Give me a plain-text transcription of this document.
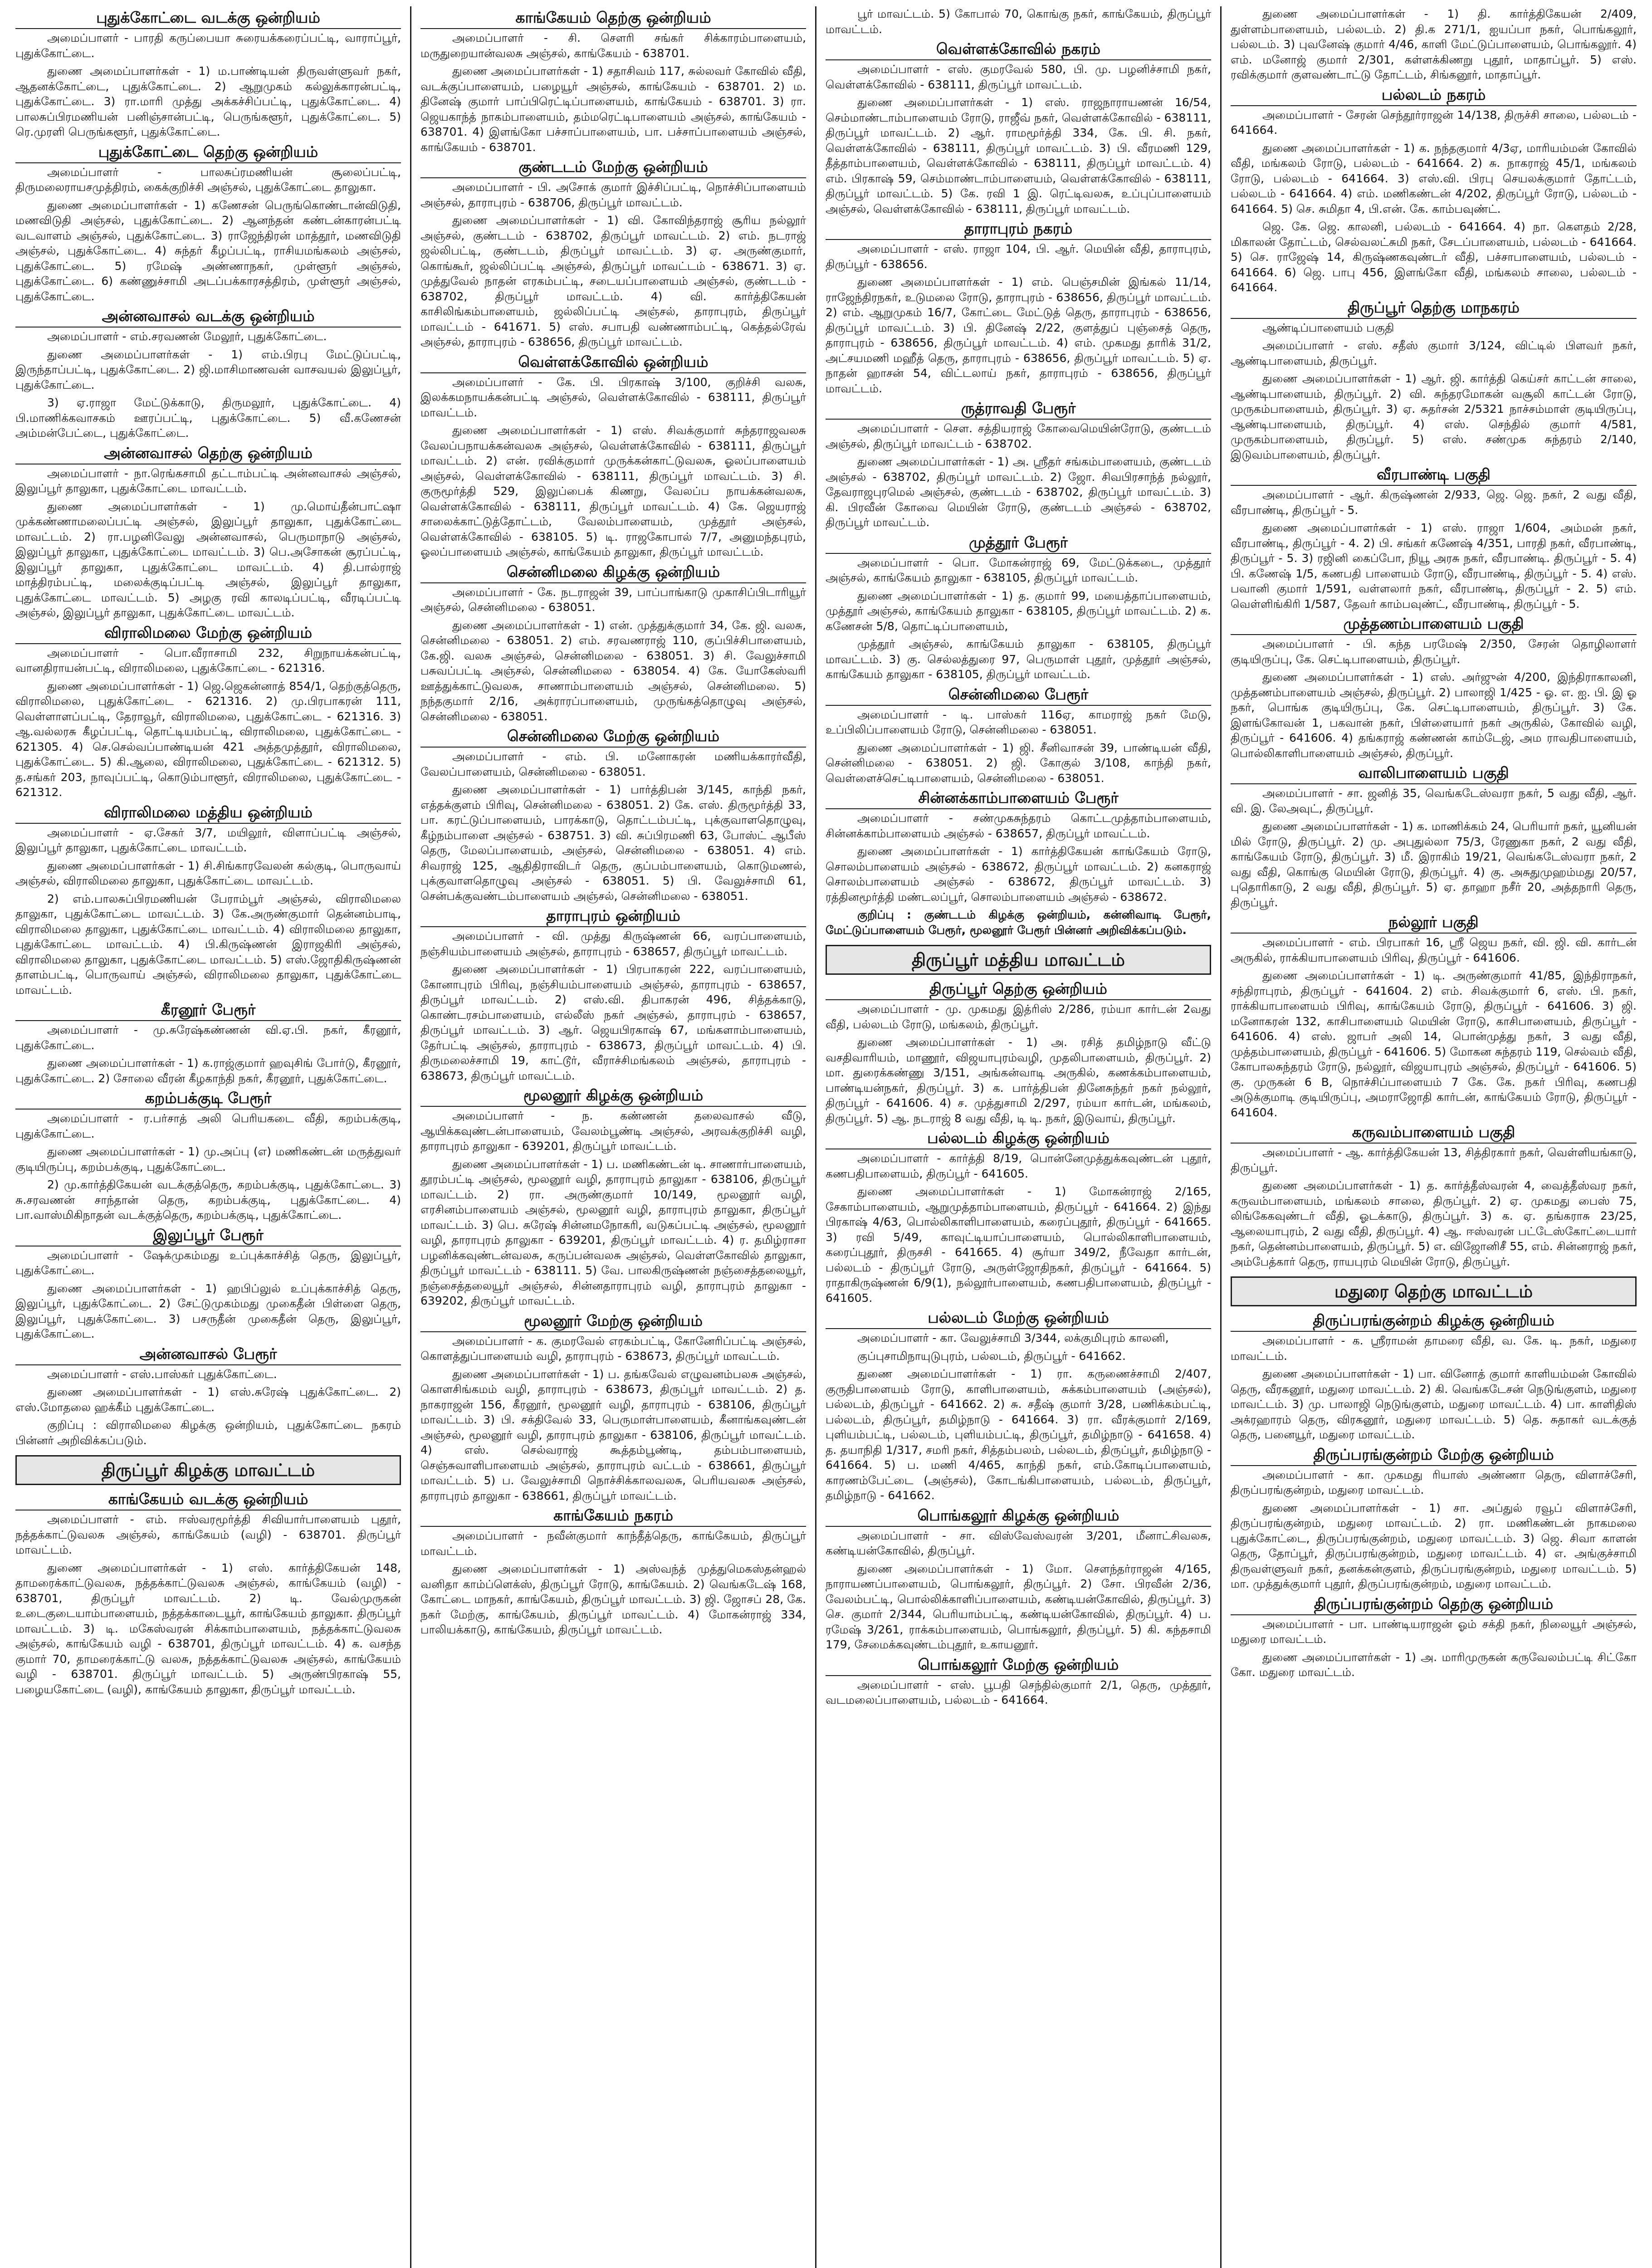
புதுக்கோட்டை வடக்கு ஒன்றியம்

அமைப்பாளர் - பாரதி கருப்பையா சுரையக்கரைப்பட்டி, வாராப்பூர், புதுக்கோட்டை.

துணை அமைப்பாளர்கள் - 1) ம.பாண்டியன் திருவள்ளுவர் நகர், ஆதனக்கோட்டை, புதுக்கோட்டை. 2) ஆறுமுகம் கல்லுக்காரன்பட்டி, புதுக்கோட்டை. 3) ரா.மாரி முத்து அக்கச்சிப்பட்டி, புதுக்கோட்டை. 4) பாலசுப்பிரமணியன் பனிஞ்சான்பட்டி, பெருங்களூர், புதுக்கோட்டை. 5) ரெ.முரளி பெருங்களூர், புதுக்கோட்டை.

புதுக்கோட்டை தெற்கு ஒன்றியம்

அமைப்பாளர் - பாலசுப்ரமணியன் சூலைப்பட்டி, திருமலைராயசமுத்திரம், கைக்குறிச்சி அஞ்சல், புதுக்கோட்டை தாலுகா.

துணை அமைப்பாளர்கள் - 1) கணேசன் பெருங்கொண்டான்விடுதி, மணவிடுதி அஞ்சல், புதுக்கோட்டை. 2) ஆனந்தன் கண்டன்காரன்பட்டி வடவாளம் அஞ்சல், புதுக்கோட்டை. 3) ராஜேந்திரன் மாத்தூர், மணவிடுதி அஞ்சல், புதுக்கோட்டை. 4) சுந்தர் கீழப்பட்டி, ராசியமங்கலம் அஞ்சல், புதுக்கோட்டை. 5) ரமேஷ் அண்ணாநகர், முள்ளூர் அஞ்சல், புதுக்கோட்டை. 6) கண்ணுச்சாமி அடப்பக்காரசத்திரம், முள்ளூர் அஞ்சல், புதுக்கோட்டை.

அன்னவாசல் வடக்கு ஒன்றியம்

அமைப்பாளர் - எம்.சரவணன் மேலூர், புதுக்கோட்டை.

துணை அமைப்பாளர்கள் - 1) எம்.பிரபு மேட்டுப்பட்டி, இருந்தாப்பட்டி, புதுக்கோட்டை. 2) ஜி.மாசிமாணவன் வாசவயல் இலுப்பூர், புதுக்கோட்டை.

3) ஏ.ராஜா மேட்டுக்காடு, திருமலூர், புதுக்கோட்டை. 4) பி.மாணிக்கவாசகம் ஊரப்பட்டி, புதுக்கோட்டை. 5) வீ.கணேசன் அம்மன்பேட்டை, புதுக்கோட்டை.

அன்னவாசல் தெற்கு ஒன்றியம்

அமைப்பாளர் - நா.ரெங்கசாமி தட்டாம்பட்டி அன்னவாசல் அஞ்சல், இலுப்பூர் தாலுகா, புதுக்கோட்டை மாவட்டம்.

துணை அமைப்பாளர்கள் - 1) மு.மொய்தீன்பாட்ஷா முக்கண்ணாமலைப்பட்டி அஞ்சல், இலுப்பூர் தாலுகா, புதுக்கோட்டை மாவட்டம். 2) ரா.பழனிவேலு அன்னவாசல், பெருமாநாடு அஞ்சல், இலுப்பூர் தாலுகா, புதுக்கோட்டை மாவட்டம். 3) பெ.அசோகன் சூரப்பட்டி, இலுப்பூர் தாலுகா, புதுக்கோட்டை மாவட்டம். 4) தி.பால்ராஜ் மாத்திரம்பட்டி, மலைக்குடிப்பட்டி அஞ்சல், இலுப்பூர் தாலுகா, புதுக்கோட்டை மாவட்டம். 5) அழகு ரவி காலடிப்பட்டி, வீரடிப்பட்டி அஞ்சல், இலுப்பூர் தாலுகா, புதுக்கோட்டை மாவட்டம்.

விராலிமலை மேற்கு ஒன்றியம்

அமைப்பாளர் - பொ.வீராசாமி 232, சிறுநாயக்கன்பட்டி, வானதிராயன்பட்டி, விராலிமலை, புதுக்கோட்டை - 621316.

துணை அமைப்பாளர்கள் - 1) ஜெ.ஜெகன்னாத் 854/1, தெற்குத்தெரு, விராலிமலை, புதுக்கோட்டை - 621316. 2) மு.பிரபாகரன் 111, வெள்ளாளப்பட்டி, தேராவூர், விராலிமலை, புதுக்கோட்டை - 621316. 3) ஆ.வல்லரசு கீழப்பட்டி, தொட்டியம்பட்டி, விராலிமலை, புதுக்கோட்டை - 621305. 4) செ.செல்வப்பாண்டியன் 421 அத்தமுத்தூர், விராலிமலை, புதுக்கோட்டை. 5) கி.ஆலை, விராலிமலை, புதுக்கோட்டை - 621312. 5) த.சங்கர் 203, நாவுப்பட்டி, கொடும்பாளூர், விராலிமலை, புதுக்கோட்டை - 621312.

விராலிமலை மத்திய ஒன்றியம்

அமைப்பாளர் - ஏ.சேகர் 3/7, மயிலூர், விளாப்பட்டி அஞ்சல், இலுப்பூர் தாலுகா, புதுக்கோட்டை மாவட்டம்.

துணை அமைப்பாளர்கள் - 1) சி.சிங்காரவேலன் கல்குடி, பொருவாய் அஞ்சல், விராலிமலை தாலுகா, புதுக்கோட்டை மாவட்டம்.

2) எம்.பாலசுப்பிரமணியன் பேராம்பூர் அஞ்சல், விராலிமலை தாலுகா, புதுக்கோட்டை மாவட்டம். 3) கே.அருண்குமார் தென்னம்பாடி, விராலிமலை தாலுகா, புதுக்கோட்டை மாவட்டம். 4) விராலிமலை தாலுகா, புதுக்கோட்டை மாவட்டம். 4) பி.கிருஷ்ணன் இராஜகிரி அஞ்சல், விராலிமலை தாலுகா, புதுக்கோட்டை மாவட்டம். 5) எஸ்.ஜோதிகிருஷ்ணன் தாளம்பட்டி, பொருவாய் அஞ்சல், விராலிமலை தாலுகா, புதுக்கோட்டை மாவட்டம்.

கீரனூர் பேரூர்

அமைப்பாளர் - மு.சுரேஷ்கண்ணன் வி.ஏ.பி. நகர், கீரனூர், புதுக்கோட்டை.

துணை அமைப்பாளர்கள் - 1) க.ராஜ்குமார் ஹவுசிங் போர்டு, கீரனூர், புதுக்கோட்டை. 2) சோலை வீரன் கீழகாந்தி நகர், கீரனூர், புதுக்கோட்டை.

கறம்பக்குடி பேரூர்

அமைப்பாளர் - ர.பர்சாத் அலி பெரியகடை வீதி, கறம்பக்குடி, புதுக்கோட்டை.

துணை அமைப்பாளர்கள் - 1) மு.அப்பு (எ) மணிகண்டன் மருத்துவர் குடியிருப்பு, கறம்பக்குடி, புதுக்கோட்டை.

2) மு.கார்த்திகேயன் வடக்குத்தெரு, கறம்பக்குடி, புதுக்கோட்டை. 3) சு.சரவணன் சாந்தான் தெரு, கறம்பக்குடி, புதுக்கோட்டை. 4) பா.வாஸ்மிகிநாதன் வடக்குத்தெரு, கறம்பக்குடி, புதுக்கோட்டை.

இலுப்பூர் பேரூர்

அமைப்பாளர் - ஷேக்முகம்மது உப்புக்காச்சித் தெரு, இலுப்பூர், புதுக்கோட்டை.

துணை அமைப்பாளர்கள் - 1) ஹபிப்லுல் உப்புக்காச்சித் தெரு, இலுப்பூர், புதுக்கோட்டை. 2) சேட்டுமுகம்மது முகைதீன் பிள்ளை தெரு, இலுப்பூர், புதுக்கோட்டை. 3) பசருதீன் முகைதீன் தெரு, இலுப்பூர், புதுக்கோட்டை.

அன்னவாசல் பேரூர்

அமைப்பாளர் - எஸ்.பாஸ்கர் புதுக்கோட்டை.

துணை அமைப்பாளர்கள் - 1) எஸ்.சுரேஷ் புதுக்கோட்டை. 2) எஸ்.மோதலை ஹக்கீம் புதுக்கோட்டை.

குறிப்பு : விராலிமலை கிழக்கு ஒன்றியம், புதுக்கோட்டை நகரம் பின்னர் அறிவிக்கப்படும்.

திருப்பூர் கிழக்கு மாவட்டம்
காங்கேயம் வடக்கு ஒன்றியம்

அமைப்பாளர் - எம். ஈஸ்வரமூர்த்தி சிவியார்பாளையம் புதூர், நத்தக்காட்டுவலசு அஞ்சல், காங்கேயம் (வழி) - 638701. திருப்பூர் மாவட்டம்.

துணை அமைப்பாளர்கள் - 1) எஸ். கார்த்திகேயன் 148, தாமரைக்காட்டுவலசு, நத்தக்காட்டுவலசு அஞ்சல், காங்கேயம் (வழி) - 638701, திருப்பூர் மாவட்டம். 2) டி. வேல்முருகன் உடைகுடையாம்பாளையம், நத்தக்காடையூர், காங்கேயம் தாலுகா. திருப்பூர் மாவட்டம். 3) டி. மகேஸ்வரன் சிக்காம்பாளையம், நத்தக்காட்டுவலசு அஞ்சல், காங்கேயம் வழி - 638701, திருப்பூர் மாவட்டம். 4) க. வசந்த குமார் 70, தாமரைக்காட்டு வலசு, நத்தக்காட்டுவலசு அஞ்சல், காங்கேயம் வழி - 638701. திருப்பூர் மாவட்டம். 5) அருண்பிரகாஷ் 55, பழையகோட்டை (வழி), காங்கேயம் தாலுகா, திருப்பூர் மாவட்டம்.

காங்கேயம் தெற்கு ஒன்றியம்

அமைப்பாளர் - சி. சௌரி சங்கர் சிக்காரம்பாளையம், மருதுறையான்வலசு அஞ்சல், காங்கேயம் - 638701.

துணை அமைப்பாளர்கள் - 1) சதாசிவம் 117, சுல்லவர் கோவில் வீதி, வடக்குப்பாளையம், பழையூர் அஞ்சல், காங்கேயம் - 638701. 2) ம. தினேஷ் குமார் பாப்பிரெட்டிப்பாளையம், காங்கேயம் - 638701. 3) ரா. ஜெயகாந்த் நாகம்பாளையம், தம்மரெட்டிபாளையம் அஞ்சல், காங்கேயம் - 638701. 4) இளங்கோ பச்சாப்பாளையம், பா. பச்சாப்பாளையம் அஞ்சல், காங்கேயம் - 638701.

குண்டடம் மேற்கு ஒன்றியம்

அமைப்பாளர் - பி. அசோக் குமார் இச்சிப்பட்டி, நொச்சிப்பாளையம் அஞ்சல், தாராபுரம் - 638706, திருப்பூர் மாவட்டம்.

துணை அமைப்பாளர்கள் - 1) வி. கோவிந்தராஜ் சூரிய நல்லூர் அஞ்சல், குண்டடம் - 638702, திருப்பூர் மாவட்டம். 2) எம். நடராஜ் ஜல்லிபட்டி, குண்டடம், திருப்பூர் மாவட்டம். 3) ஏ. அருண்குமார், கொங்கூர், ஜல்லிப்பட்டி அஞ்சல், திருப்பூர் மாவட்டம் - 638671. 3) ஏ. முத்துவேல் நாதன் எரகம்பட்டி, சடையப்பாளையம் அஞ்சல், குண்டடம் - 638702, திருப்பூர் மாவட்டம். 4) வி. கார்த்திகேயன் காசிலிங்கம்பாளையம், ஜல்லிப்பட்டி அஞ்சல், தாராபுரம், திருப்பூர் மாவட்டம் - 641671. 5) எஸ். சபாபதி வண்ணாம்பட்டி, கெத்தல்ரேவ் அஞ்சல், தாராபுரம் - 638656, திருப்பூர் மாவட்டம்.

வெள்ளக்கோவில் ஒன்றியம்

அமைப்பாளர் - கே. பி. பிரகாஷ் 3/100, குறிச்சி வலசு, இலக்கமநாயக்கன்பட்டி அஞ்சல், வெள்ளக்கோவில் - 638111, திருப்பூர் மாவட்டம்.

துணை அமைப்பாளர்கள் - 1) எஸ். சிவக்குமார் சுந்தராஜவலசு வேலப்பநாயக்கன்வலசு அஞ்சல், வெள்ளக்கோவில் - 638111, திருப்பூர் மாவட்டம். 2) என். ரவிக்குமார் முருக்கன்காட்டுவலசு, ஓலப்பாளையம் அஞ்சல், வெள்ளக்கோவில் - 638111, திருப்பூர் மாவட்டம். 3) சி. குருமூர்த்தி 529, இலுப்பைக் கிணறு, வேலப்ப நாயக்கன்வலசு, வெள்ளக்கோவில் - 638111, திருப்பூர் மாவட்டம். 4) கே. ஜெயராஜ் சாலைக்காட்டுத்தோட்டம், வேலம்பாளையம், முத்தூர் அஞ்சல், வெள்ளக்கோவில் - 638105. 5) டி. ராஜகோபால் 7/7, அனுமந்தபுரம், ஓலப்பாளையம் அஞ்சல், காங்கேயம் தாலுகா, திருப்பூர் மாவட்டம்.

சென்னிமலை கிழக்கு ஒன்றியம்

அமைப்பாளர் - கே. நடராஜன் 39, பாப்பாங்காடு முகாசிப்பிடாரியூர் அஞ்சல், சென்னிமலை - 638051.

துணை அமைப்பாளர்கள் - 1) என். முத்துக்குமார் 34, கே. ஜி. வலசு, சென்னிமலை - 638051. 2) எம். சரவணராஜ் 110, குப்பிச்சிபாளையம், கே.ஜி. வலசு அஞ்சல், சென்னிமலை - 638051. 3) சி. வேலுச்சாமி பசுவப்பட்டி அஞ்சல், சென்னிமலை - 638054. 4) கே. யோகேஸ்வரி ஊத்துக்காட்டுவலசு, சாணாம்பாளையம் அஞ்சல், சென்னிமலை. 5) நந்தகுமார் 2/16, அக்ராரப்பாளையம், முருங்கத்தொழுவு அஞ்சல், சென்னிமலை - 638051.

சென்னிமலை மேற்கு ஒன்றியம்

அமைப்பாளர் - எம். பி. மனோகரன் மணியக்காரர்வீதி, வேலப்பாளையம், சென்னிமலை - 638051.

துணை அமைப்பாளர்கள் - 1) பார்த்திபன் 3/145, காந்தி நகர், எத்தக்குளம் பிரிவு, சென்னிமலை - 638051. 2) கே. எஸ். திருமூர்த்தி 33, பா. கரட்டுப்பாளையம், பாரக்காடு, தொட்டம்பட்டி, புக்குவாளதொழுவு, கீழ்நம்பாளை அஞ்சல் - 638751. 3) வி. சுப்பிரமணி 63, போஸ்ட் ஆபீஸ் தெரு, மேலப்பாளையம், அஞ்சல், சென்னிமலை - 638051. 4) எம். சிவராஜ் 125, ஆதிதிராவிடர் தெரு, குப்பம்பாளையம், கொடுமணல், புக்குவாளதொழுவு அஞ்சல் - 638051. 5) பி. வேலுச்சாமி 61, சென்பக்குவண்டம்பாளையம் அஞ்சல், சென்னிமலை - 638051.

தாராபுரம் ஒன்றியம்

அமைப்பாளர் - வி. முத்து கிருஷ்ணன் 66, வரப்பாளையம், நஞ்சியம்பாளையம் அஞ்சல், தாராபுரம் - 638657, திருப்பூர் மாவட்டம்.

துணை அமைப்பாளர்கள் - 1) பிரபாகரன் 222, வரப்பாளையம், கோனாபுரம் பிரிவு, நஞ்சியம்பாளையம் அஞ்சல், தாராபுரம் - 638657, திருப்பூர் மாவட்டம். 2) எஸ்.வி. திபாகரன் 496, சித்தக்காடு, கொண்டரசம்பாளையம், எல்லீஸ் நகர் அஞ்சல், தாராபுரம் - 638657, திருப்பூர் மாவட்டம். 3) ஆர். ஜெயபிரகாஷ் 67, மங்களாம்பாளையம், தேர்பட்டி அஞ்சல், தாராபுரம் - 638673, திருப்பூர் மாவட்டம். 4) பி. திருமலைச்சாமி 19, காட்டூர், வீராச்சிமங்கலம் அஞ்சல், தாராபுரம் - 638673, திருப்பூர் மாவட்டம்.

மூலனூர் கிழக்கு ஒன்றியம்

அமைப்பாளர் - ந. கண்ணன் தலைவாசல் வீடு, ஆயிக்கவுண்டன்பாளையம், வேலம்பூண்டி அஞ்சல், அரவக்குறிச்சி வழி, தாராபுரம் தாலுகா - 639201, திருப்பூர் மாவட்டம்.

துணை அமைப்பாளர்கள் - 1) ப. மணிகண்டன் டி. சாணார்பாளையம், தூரம்பட்டி அஞ்சல், மூலனூர் வழி, தாராபுரம் தாலுகா - 638106, திருப்பூர் மாவட்டம். 2) ரா. அருண்குமார் 10/149, மூலனூர் வழி, எரசினம்பாளையம் அஞ்சல், மூலனூர் வழி, தாராபுரம் தாலுகா, திருப்பூர் மாவட்டம். 3) பெ. சுரேஷ் சின்னமநோகரி, வடுகப்பட்டி அஞ்சல், மூலனூர் வழி, தாராபுரம் தாலுகா - 639201, திருப்பூர் மாவட்டம். 4) ர. தமிழ்ராசா பழனிக்கவுண்டன்வலசு, கருப்பன்வலசு அஞ்சல், வெள்ளகோவில் தாலுகா, திருப்பூர் மாவட்டம் - 638111. 5) வே. பாலகிருஷ்ணன் நஞ்சைத்தலையூர், நஞ்சைத்தலையூர் அஞ்சல், சின்னதாராபுரம் வழி, தாராபுரம் தாலுகா - 639202, திருப்பூர் மாவட்டம்.

மூலனூர் மேற்கு ஒன்றியம்

அமைப்பாளர் - க. குமரவேல் எரகம்பட்டி, கோனேரிப்பட்டி அஞ்சல், கொளத்துப்பாளையம் வழி, தாராபுரம் - 638673, திருப்பூர் மாவட்டம்.

துணை அமைப்பாளர்கள் - 1) ப. தங்கவேல் எழுவனம்பலசு அஞ்சல், கொளசிங்கமம் வழி, தாராபுரம் - 638673, திருப்பூர் மாவட்டம். 2) த. நாகராஜன் 156, கீரனூர், மூலனூர் வழி, தாராபுரம் - 638106, திருப்பூர் மாவட்டம். 3) பி. சக்திவேல் 33, பெருமாள்பாளையம், கீனாங்கவுண்டன் அஞ்சல், மூலனூர் வழி, தாராபுரம் தாலுகா - 638106, திருப்பூர் மாவட்டம். 4) எஸ். செல்வராஜ் கூத்தம்பூண்டி, தம்பம்பாளையம், செஞ்சுவாளிபாளையம் அஞ்சல், தாராபுரம் வட்டம் - 638661, திருப்பூர் மாவட்டம். 5) ப. வேலுச்சாமி நொச்சிக்காலவலசு, பெரியவலசு அஞ்சல், தாராபுரம் தாலுகா - 638661, திருப்பூர் மாவட்டம்.

காங்கேயம் நகரம்

அமைப்பாளர் - நவீன்குமார் காந்தீத்தெரு, காங்கேயம், திருப்பூர் மாவட்டம்.

துணை அமைப்பாளர்கள் - 1) அஸ்வந்த் முத்துமெகஸ்தன்ஹல் வனிதா காம்ப்ளெக்ஸ், திருப்பூர் ரோடு, காங்கேயம். 2) வெங்கடேஷ் 168, கோட்டை மாநகர், காங்கேயம், திருப்பூர் மாவட்டம். 3) ஜி. ஜோசப் 28, கே. நகர் மேற்கு, காங்கேயம், திருப்பூர் மாவட்டம். 4) மோகன்ராஜ் 334, பாலியக்காடு, காங்கேயம், திருப்பூர் மாவட்டம்.

பூர் மாவட்டம். 5) கோபால் 70, கொங்கு நகர், காங்கேயம், திருப்பூர் மாவட்டம்.

வெள்ளக்கோவில் நகரம்

அமைப்பாளர் - எஸ். குமரவேல் 580, பி. மு. பழனிச்சாமி நகர், வெள்ளக்கோவில் - 638111, திருப்பூர் மாவட்டம்.

துணை அமைப்பாளர்கள் - 1) எஸ். ராஜநாராயணன் 16/54, செம்மாண்டாம்பாளையம் ரோடு, ராஜீவ் நகர், வெள்ளக்கோவில் - 638111, திருப்பூர் மாவட்டம். 2) ஆர். ராமமூர்த்தி 334, கே. பி. சி. நகர், வெள்ளக்கோவில் - 638111, திருப்பூர் மாவட்டம். 3) பி. வீரமணி 129, தீத்தாம்பாளையம், வெள்ளக்கோவில் - 638111, திருப்பூர் மாவட்டம். 4) எம். பிரகாஷ் 59, செம்மாண்டாம்பாளையம், வெள்ளக்கோவில் - 638111, திருப்பூர் மாவட்டம். 5) கே. ரவி 1 இ. ரெட்டிவலசு, உப்புப்பாளையம் அஞ்சல், வெள்ளக்கோவில் - 638111, திருப்பூர் மாவட்டம்.

தாராபுரம் நகரம்

அமைப்பாளர் - எஸ். ராஜா 104, பி. ஆர். மெயின் வீதி, தாராபுரம், திருப்பூர் - 638656.

துணை அமைப்பாளர்கள் - 1) எம். பெஞ்சமின் இங்கல் 11/14, ராஜேந்திரநகர், உடுமலை ரோடு, தாராபுரம் - 638656, திருப்பூர் மாவட்டம். 2) எம். ஆறுமுகம் 16/7, கோட்டை மேட்டுத் தெரு, தாராபுரம் - 638656, திருப்பூர் மாவட்டம். 3) பி. தினேஷ் 2/22, குளத்துப் புஞ்சைத் தெரு, தாராபுரம் - 638656, திருப்பூர் மாவட்டம். 4) எம். முகமது தாரிக் 31/2, அட்சயமணி மஹீத் தெரு, தாராபுரம் - 638656, திருப்பூர் மாவட்டம். 5) ஏ. நாதன் ஹாசன் 54, விட்டலாய் நகர், தாராபுரம் - 638656, திருப்பூர் மாவட்டம்.

ருத்ராவதி பேரூர்

அமைப்பாளர் - சௌ. சத்தியராஜ் கோவைமெயின்ரோடு, குண்டடம் அஞ்சல், திருப்பூர் மாவட்டம் - 638702.

துணை அமைப்பாளர்கள் - 1) அ. ஸ்ரீதர் சங்கம்பாளையம், குண்டடம் அஞ்சல் - 638702, திருப்பூர் மாவட்டம். 2) ஜோ. சிவபிரசாந்த் நல்லூர், தேவராஜபுரமெல் அஞ்சல், குண்டடம் - 638702, திருப்பூர் மாவட்டம். 3) கி. பிரவீன் கோவை மெயின் ரோடு, குண்டடம் அஞ்சல் - 638702, திருப்பூர் மாவட்டம்.

முத்தூர் பேரூர்

அமைப்பாளர் - பொ. மோகன்ராஜ் 69, மேட்டுக்கடை, முத்தூர் அஞ்சல், காங்கேயம் தாலுகா - 638105, திருப்பூர் மாவட்டம்.

துணை அமைப்பாளர்கள் - 1) த. குமார் 99, மயைத்தாப்பாளையம், முத்தூர் அஞ்சல், காங்கேயம் தாலுகா - 638105, திருப்பூர் மாவட்டம். 2) க. கணேசன் 5/8, தொட்டிப்பாளையம்,

முத்தூர் அஞ்சல், காங்கேயம் தாலுகா - 638105, திருப்பூர் மாவட்டம். 3) கு. செல்லத்துரை 97, பெருமாள் புதூர், முத்தூர் அஞ்சல், காங்கேயம் தாலுகா - 638105, திருப்பூர் மாவட்டம்.

சென்னிமலை பேரூர்

அமைப்பாளர் - டி. பாஸ்கர் 116ஏ, காமராஜ் நகர் மேடு, உப்பிலிப்பாளையம் ரோடு, சென்னிமலை - 638051.

துணை அமைப்பாளர்கள் - 1) ஜி. சீனிவாசன் 39, பாண்டியன் வீதி, சென்னிமலை - 638051. 2) ஜி. கோகுல் 3/108, காந்தி நகர், வெள்ளைச்செட்டிபாளையம், சென்னிமலை - 638051.

சின்னக்காம்பாளையம் பேரூர்

அமைப்பாளர் - சண்முகசுந்தரம் கொட்டமுத்தாம்பாளையம், சின்னக்காம்பாளையம் அஞ்சல் - 638657, திருப்பூர் மாவட்டம்.

துணை அமைப்பாளர்கள் - 1) கார்த்திகேயன் காங்கேயம் ரோடு, சொலம்பாளையம் அஞ்சல் - 638672, திருப்பூர் மாவட்டம். 2) கனகராஜ் சொலம்பாளையம் அஞ்சல் - 638672, திருப்பூர் மாவட்டம். 3) ரத்தினமூர்த்தி மண்டலப்பூர், சொலம்பாளையம் அஞ்சல் - 638672.

குறிப்பு : குண்டடம் கிழக்கு ஒன்றியம், கன்னிவாடி பேரூர், மேட்டுப்பாளையம் பேரூர், மூலனூர் பேரூர் பின்னர் அறிவிக்கப்படும்.

திருப்பூர் மத்திய மாவட்டம்
திருப்பூர் தெற்கு ஒன்றியம்

அமைப்பாளர் - மு. முகமது இத்ரிஸ் 2/286, ரம்யா கார்டன் 2வது வீதி, பல்லடம் ரோடு, மங்கலம், திருப்பூர்.

துணை அமைப்பாளர்கள் - 1) அ. ரசித் தமிழ்நாடு வீட்டு வசதிவாரியம், மாணூர், விஜயாபுரம்வழி, முதலிபாளையம், திருப்பூர். 2) மா. துரைக்கண்ணு 3/151, அங்கன்வாடி அருகில், கணக்கம்பாளையம், பாண்டியன்நகர், திருப்பூர். 3) க. பார்த்திபன் தினேசுந்தர் நகர் நல்லூர், திருப்பூர் - 641606. 4) ச. முத்துசாமி 2/297, ரம்யா கார்டன், மங்கலம், திருப்பூர். 5) ஆ. நடராஜ் 8 வது வீதி, டி டி. நகர், இடுவாய், திருப்பூர்.

பல்லடம் கிழக்கு ஒன்றியம்

அமைப்பாளர் - கார்த்தி 8/19, பொன்னேமுத்துக்கவுண்டன் புதூர், கணபதிபாளையம், திருப்பூர் - 641605.

துணை அமைப்பாளர்கள் - 1) மோகன்ராஜ் 2/165, சேகாம்பாளையம், ஆறுமுத்தாம்பாளையம், திருப்பூர் - 641664. 2) இந்து பிரகாஷ் 4/63, பொல்லிகாளிபாளையம், கரைப்புதூர், திருப்பூர் - 641665. 3) ரவி 5/49, காவுட்டியாப்பாளையம், பொல்லிகாளிபாளையம், கரைப்புதூர், திருசசி - 641665. 4) சூர்யா 349/2, நீவேதா கார்டன், பல்லடம் - திருப்பூர் ரோடு, அருள்ஜோதிநகர், திருப்பூர் - 641664. 5) ராதாகிருஷ்ணன் 6/9(1), நல்லூர்பாளையம், கணபதிபாளையம், திருப்பூர் - 641605.

பல்லடம் மேற்கு ஒன்றியம்

அமைப்பாளர் - கா. வேலுச்சாமி 3/344, லக்குமிபுரம் காலனி,

குப்புசாமிநாயுடுபுரம், பல்லடம், திருப்பூர் - 641662.

துணை அமைப்பாளர்கள் - 1) ரா. கருணைச்சாமி 2/407, குருதிபாளையம் ரோடு, காளிபாளையம், சுக்கம்பாளையம் (அஞ்சல்), பல்லடம், திருப்பூர் - 641662. 2) சு. சதீஷ் குமார் 3/28, பணிக்கம்பட்டி, பல்லடம், திருப்பூர், தமிழ்நாடு - 641664. 3) ரா. வீரக்குமார் 2/169, புளியம்பட்டி, பல்லடம், புளியம்பட்டி, திருப்பூர், தமிழ்நாடு - 641658. 4) த. தயாநிதி 1/317, சமரி நகர், சித்தம்பலம், பல்லடம், திருப்பூர், தமிழ்நாடு - 641664. 5) ப. மணி 4/465, காந்தி நகர், எம்.கோடிப்பாளையம், காரணம்பேட்டை (அஞ்சல்), கோடங்கிபாளையம், பல்லடம், திருப்பூர், தமிழ்நாடு - 641662.

பொங்கலூர் கிழக்கு ஒன்றியம்

அமைப்பாளர் - சா. விஸ்வேஸ்வரன் 3/201, மீனாட்சிவலசு, கண்டியன்கோவில், திருப்பூர்.

துணை அமைப்பாளர்கள் - 1) மோ. சௌந்தர்ராஜன் 4/165, நாராயணப்பாளையம், பொங்கலூர், திருப்பூர். 2) சோ. பிரவீன் 2/36, வேலம்பட்டி, பொல்லிக்காளிப்பாளையம், கண்டியன்கோவில், திருப்பூர். 3) செ. குமார் 2/344, பெரியாம்பட்டி, கண்டியன்கோவில், திருப்பூர். 4) ப. ரமேஷ் 3/261, ராக்கம்பாளையம், பொங்கலூர், திருப்பூர். 5) கி. கந்தசாமி 179, சேமைக்கவுண்டம்புதூர், உகாயனூர்.

பொங்கலூர் மேற்கு ஒன்றியம்

அமைப்பாளர் - எஸ். பூபதி செந்தில்குமார் 2/1, தெரு, முத்தூர், வடமலைப்பாளையம், பல்லடம் - 641664.

துணை அமைப்பாளர்கள் - 1) தி. கார்த்திகேயன் 2/409, துள்ளம்பாளையம், பல்லடம். 2) தி.க 271/1, ஐயப்பா நகர், பொங்கலூர், பல்லடம். 3) புவனேஷ் குமார் 4/46, காளி மேட்டுப்பாளையம், பொங்கலூர். 4) எம். மனோஜ் குமார் 2/301, கள்ளக்கிணறு புதூர், மாதாப்பூர். 5) எஸ். ரவிக்குமார் குளவண்டாட்டு தோட்டம், சிங்கனூர், மாதாப்பூர்.

பல்லடம் நகரம்

அமைப்பாளர் - சேரன் செந்தூர்ராஜன் 14/138, திருச்சி சாலை, பல்லடம் - 641664.

துணை அமைப்பாளர்கள் - 1) க. நந்தகுமார் 4/3ஏ, மாரியம்மன் கோவில் வீதி, மங்கலம் ரோடு, பல்லடம் - 641664. 2) சு. நாகராஜ் 45/1, மங்கலம் ரோடு, பல்லடம் - 641664. 3) எஸ்.வி. பிரபு செயலக்குமார் தோட்டம், பல்லடம் - 641664. 4) எம். மணிகண்டன் 4/202, திருப்பூர் ரோடு, பல்லடம் - 641664. 5) செ. சுமிதா 4, பி.என். கே. காம்பவுண்ட்.

ஜெ. கே. ஜெ. காலனி, பல்லடம் - 641664. 4) நா. கௌதம் 2/28, மிகாலன் தோட்டம், செல்வலட்சுமி நகர், சேடப்பாளையம், பல்லடம் - 641664. 5) செ. ராஜேஷ் 14, கிருஷ்ணகவுண்டர் வீதி, பச்சாபாளையம், பல்லடம் - 641664. 6) ஜெ. பாபு 456, இளங்கோ வீதி, மங்கலம் சாலை, பல்லடம் - 641664.

திருப்பூர் தெற்கு மாநகரம்

ஆண்டிப்பாளையம் பகுதி

அமைப்பாளர் - எஸ். சதீஸ் குமார் 3/124, விட்டில் பிளவர் நகர், ஆண்டிபாளையம், திருப்பூர்.

துணை அமைப்பாளர்கள் - 1) ஆர். ஜி. கார்த்தி கெய்சர் காட்டன் சாலை, ஆண்டிபாளையம், திருப்பூர். 2) வி. சுந்தரமோகன் வசூலி காட்டன் ரோடு, முருகம்பாளையம், திருப்பூர். 3) ஏ. சுதர்சன் 2/5321 நாச்சம்மாள் குடியிருப்பு, ஆண்டிபாளையம், திருப்பூர். 4) எஸ். செந்தில் குமார் 4/581, முருகம்பாளையம், திருப்பூர். 5) எஸ். சண்முக சுந்தரம் 2/140, இடுவம்பாளையம், திருப்பூர்.

வீரபாண்டி பகுதி

அமைப்பாளர் - ஆர். கிருஷ்ணன் 2/933, ஜெ. ஜெ. நகர், 2 வது வீதி, வீரபாண்டி, திருப்பூர் - 5.

துணை அமைப்பாளர்கள் - 1) எஸ். ராஜா 1/604, அம்மன் நகர், வீரபாண்டி, திருப்பூர் - 4. 2) பி. சங்கர் கணேஷ் 4/351, பாரதி நகர், வீரபாண்டி, திருப்பூர் - 5. 3) ரஜினி கைப்போ, நியூ அரசு நகர், வீரபாண்டி. திருப்பூர் - 5. 4) பி. கணேஷ் 1/5, கணபதி பாளையம் ரோடு, வீரபாண்டி, திருப்பூர் - 5. 4) எஸ். பவானி குமார் 1/591, வள்ளலார் நகர், வீரபாண்டி, திருப்பூர் - 2. 5) எம். வெள்ளிங்கிரி 1/587, தேவர் காம்பவுண்ட், வீரபாண்டி, திருப்பூர் - 5.

முத்தணம்பாளையம் பகுதி

அமைப்பாளர் - பி. கந்த பரமேஷ் 2/350, சேரன் தொழிலாளர் குடியிருப்பு, கே. செட்டிபாளையம், திருப்பூர்.

துணை அமைப்பாளர்கள் - 1) எஸ். அர்ஜுன் 4/200, இந்திராகாலனி, முத்தணம்பாளையம் அஞ்சல், திருப்பூர். 2) பாலாஜி 1/425 - ஓ. எ. ஐ. பி. இ ஓ நகர், பொங்க குடியிருப்பு, கே. செட்டிபாளையம், திருப்பூர். 3) கே. இளங்கோவன் 1, பகவான் நகர், பிள்ளையார் நகர் அருகில், கோவில் வழி, திருப்பூர் - 641606. 4) தங்கராஜ் கண்ணன் காம்டேஜ், அம ராவதிபாளையம், பொல்லிகாளிபாளையம் அஞ்சல், திருப்பூர்.

வாலிபாளையம் பகுதி

அமைப்பாளர் - சா. ஜனித் 35, வெங்கடேஸ்வரா நகர், 5 வது வீதி, ஆர். வி. இ. லேஅவுட், திருப்பூர்.

துணை அமைப்பாளர்கள் - 1) க. மாணிக்கம் 24, பெரியார் நகர், யூனியன் மில் ரோடு, திருப்பூர். 2) மு. அபுதுல்லா 75/3, ரேணுகா நகர், 2 வது வீதி, காங்கேயம் ரோடு, திருப்பூர். 3) மீ. இராகிம் 19/21, வெங்கடேஸ்வரா நகர், 2 வது வீதி, கொங்கு மெயின் ரோடு, திருப்பூர். 4) கு. அசுதுமுஹம்மது 20/57, புதொரிகாடு, 2 வது வீதி, திருப்பூர். 5) ஏ. தாஹா நசீர் 20, அத்தநாரி தெரு, திருப்பூர்.

நல்லூர் பகுதி

அமைப்பாளர் - எம். பிரபாகர் 16, ஸ்ரீ ஜெய நகர், வி. ஜி. வி. கார்டன் அருகில், ராக்கியாபாளையம் பிரிவு, திருப்பூர் - 641606.

துணை அமைப்பாளர்கள் - 1) டி. அருண்குமார் 41/85, இந்திராநகர், சந்திராபுரம், திருப்பூர் - 641604. 2) எம். சிவக்குமார் 6, எஸ். பி. நகர், ராக்கியாபாளையம் பிரிவு, காங்கேயம் ரோடு, திருப்பூர் - 641606. 3) ஜி. மனோகரன் 132, காசிபாளையம் மெயின் ரோடு, காசிபாளையம், திருப்பூர் - 641606. 4) எஸ். ஜாபர் அலி 14, பொன்முத்து நகர், 3 வது வீதி, முத்தம்பாளையம், திருப்பூர் - 641606. 5) மோகன சுந்தரம் 119, செல்வம் வீதி, கோபாலசுந்தரம் ரோடு, நல்லூர், விஜயாபுரம் அஞ்சல், திருப்பூர் - 641606. 5) கு. முருகன் 6 B, நொச்சிப்பாளையம் 7 கே. கே. நகர் பிரிவு, கணபதி அடுக்குமாடி குடியிருப்பு, அமராஜோதி கார்டன், காங்கேயம் ரோடு, திருப்பூர் - 641604.

கருவம்பாளையம் பகுதி

அமைப்பாளர் - ஆ. கார்த்திகேயன் 13, சித்திரகார் நகர், வெள்ளியங்காடு, திருப்பூர்.

துணை அமைப்பாளர்கள் - 1) த. கார்த்தீஸ்வரன் 4, வைத்தீஸ்வர நகர், கருவம்பாளையம், மங்கலம் சாலை, திருப்பூர். 2) ஏ. முகமது பைஸ் 75, லிங்கேகவுண்டர் வீதி, ஓடக்காடு, திருப்பூர். 3) க. ஏ. தங்கராசு 23/25, ஆலையாபுரம், 2 வது வீதி, திருப்பூர். 4) ஆ. ஈஸ்வரன் பட்டேஸ்கோட்டையார் நகர், தென்னம்பாளையம், திருப்பூர். 5) எ. விஜோனிசீ 55, எம். சின்னராஜ் நகர், அம்பேத்கார் தெரு, ராயபுரம் மெயின் ரோடு, திருப்பூர்.

மதுரை தெற்கு மாவட்டம்
திருப்பரங்குன்றம் கிழக்கு ஒன்றியம்

அமைப்பாளர் - க. ஸ்ரீராமன் தாமரை வீதி, வ. கே. டி. நகர், மதுரை மாவட்டம்.

துணை அமைப்பாளர்கள் - 1) பா. வினோத் குமார் காளியம்மன் கோவில் தெரு, வீரகனூர், மதுரை மாவட்டம். 2) கி. வெங்கடேசன் நெடுங்குளம், மதுரை மாவட்டம். 3) மு. பாலாஜி நெடுங்குளம், மதுரை மாவட்டம். 4) பா. காளிதிஸ் அக்ரஹாரம் தெரு, விரகனூர், மதுரை மாவட்டம். 5) தெ. சுதாகர் வடக்குத் தெரு, பனையூர், மதுரை மாவட்டம்.

திருப்பரங்குன்றம் மேற்கு ஒன்றியம்

அமைப்பாளர் - கா. முகமது ரியாஸ் அண்ணா தெரு, விளாச்சேரி, திருப்பரங்குன்றம், மதுரை மாவட்டம்.

துணை அமைப்பாளர்கள் - 1) சா. அப்துல் ரவூப் விளாச்சேரி, திருப்பரங்குன்றம், மதுரை மாவட்டம். 2) ரா. மணிகண்டன் நாகமலை புதுக்கோட்டை, திருப்பரங்குன்றம், மதுரை மாவட்டம். 3) ஜெ. சிவா காளன் தெரு, தோப்பூர், திருப்பரங்குன்றம், மதுரை மாவட்டம். 4) எ. அங்குச்சாமி திருவள்ளுவர் நகர், தனக்கன்குளம், திருப்பரங்குன்றம், மதுரை மாவட்டம். 5) மா. முத்துக்குமார் புதூர், திருப்பரங்குன்றம், மதுரை மாவட்டம்.

திருப்பரங்குன்றம் தெற்கு ஒன்றியம்

அமைப்பாளர் - பா. பாண்டியராஜன் ஓம் சக்தி நகர், நிலையூர் அஞ்சல், மதுரை மாவட்டம்.

துணை அமைப்பாளர்கள் - 1) அ. மாரிமுருகன் கருவேலம்பட்டி சிட்கோ கோ. மதுரை மாவட்டம்.
